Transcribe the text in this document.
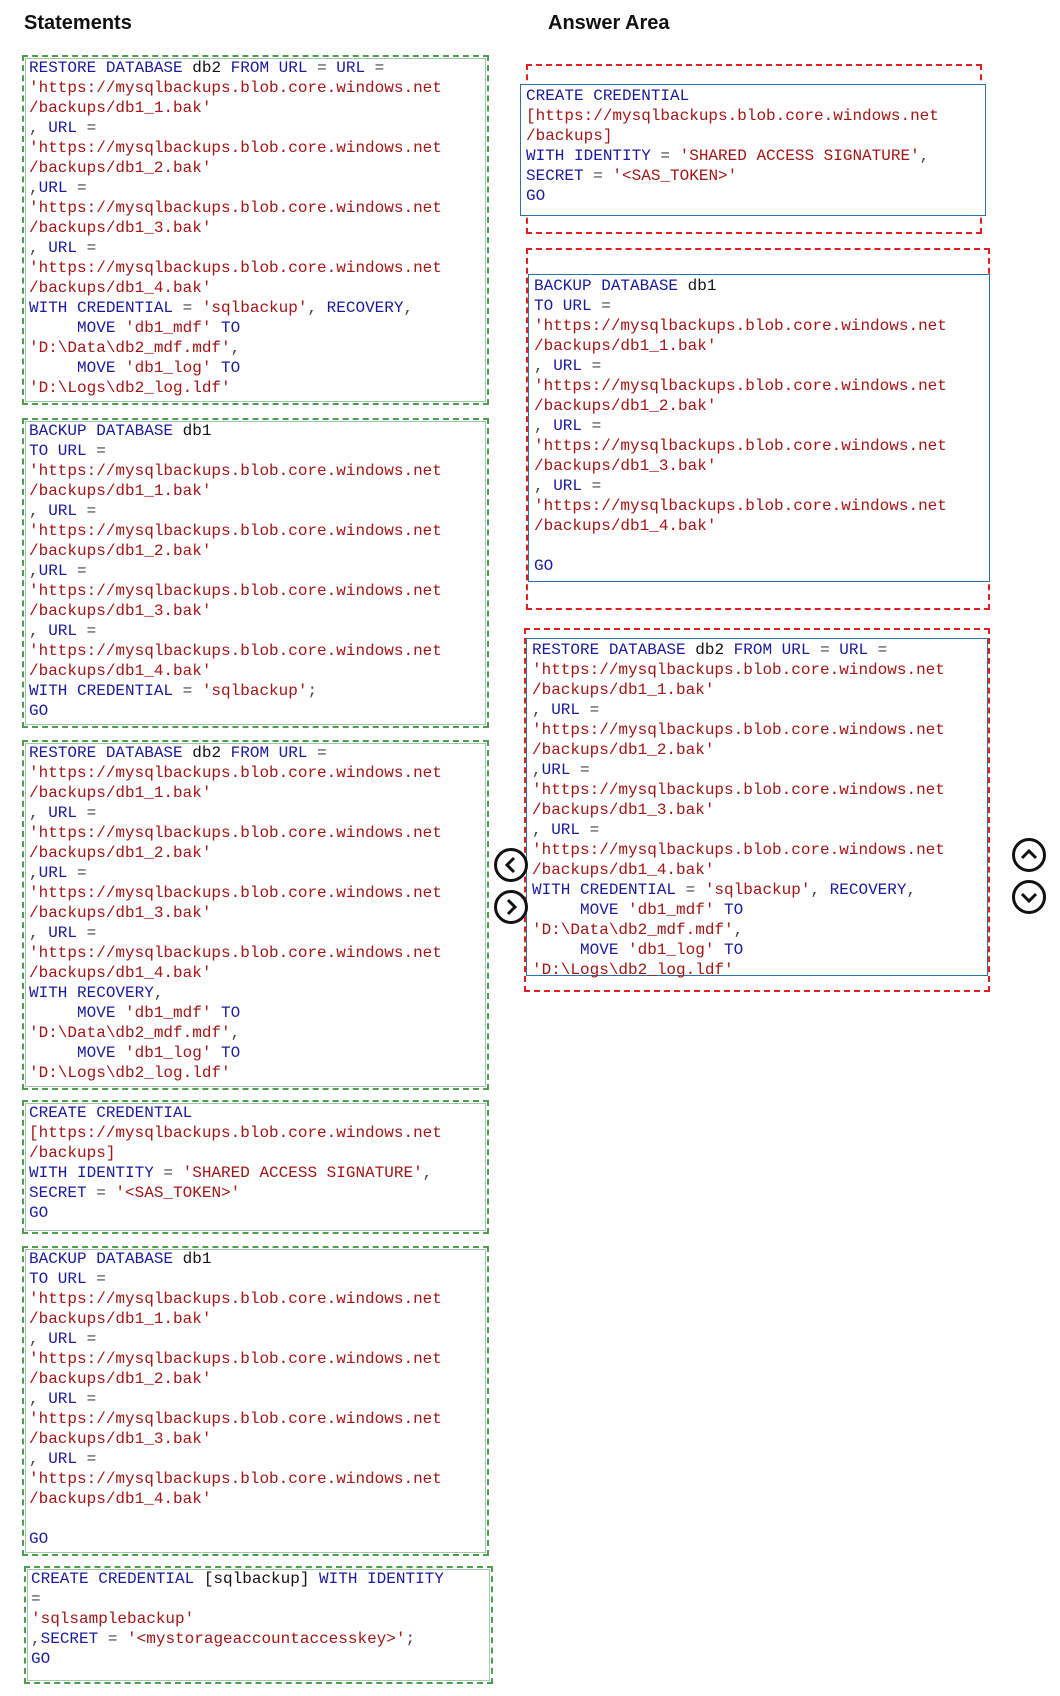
Statements	Answer Area
RESTORE DATABASE db2 FROM URL = URL =
'https://mysqlbackups.blob.core.windows.net
/backups/db1_1.bak'
, URL =
'https://mysqlbackups.blob.core.windows.net
/backups/db1_2.bak'
,URL =
'https://mysqlbackups.blob.core.windows.net
/backups/db1_3.bak'
, URL =
'https://mysqlbackups.blob.core.windows.net
/backups/db1_4.bak'
WITH CREDENTIAL = 'sqlbackup', RECOVERY,
MOVE 'db1_mdf' TO
'D:\Data\db2_mdf.mdf',
MOVE 'db1_log' TO
'D:\Logs\db2_log.ldf'
BACKUP DATABASE db1
TO URL =
'https://mysqlbackups.blob.core.windows.net
/backups/db1_1.bak'
, URL =
'https://mysqlbackups.blob.core.windows.net
/backups/db1_2.bak'
,URL =
'https://mysqlbackups.blob.core.windows.net
/backups/db1_3.bak'
, URL =
'https://mysqlbackups.blob.core.windows.net
/backups/db1_4.bak'
WITH CREDENTIAL = 'sqlbackup';
GO
RESTORE DATABASE db2 FROM URL =
'https://mysqlbackups.blob.core.windows.net
/backups/db1_1.bak'
, URL =
'https://mysqlbackups.blob.core.windows.net
/backups/db1_2.bak'
,URL =
'https://mysqlbackups.blob.core.windows.net
/backups/db1_3.bak'
, URL =
'https://mysqlbackups.blob.core.windows.net
/backups/db1_4.bak'
WITH RECOVERY,
MOVE 'db1_mdf' TO
'D:\Data\db2_mdf.mdf',
MOVE 'db1_log' TO
'D:\Logs\db2_log.ldf'
CREATE CREDENTIAL
[https://mysqlbackups.blob.core.windows.net
/backups]
WITH IDENTITY = 'SHARED ACCESS SIGNATURE',
SECRET = '<SAS_TOKEN>'
GO
BACKUP DATABASE db1
TO URL =
'https://mysqlbackups.blob.core.windows.net
/backups/db1_1.bak'
, URL =
'https://mysqlbackups.blob.core.windows.net
/backups/db1_2.bak'
, URL =
'https://mysqlbackups.blob.core.windows.net
/backups/db1_3.bak'
, URL =
'https://mysqlbackups.blob.core.windows.net
/backups/db1_4.bak'
GO
CREATE CREDENTIAL [sqlbackup] WITH IDENTITY
=
'sqlsamplebackup'
,SECRET = '<mystorageaccountaccesskey>';
GO
CREATE CREDENTIAL
[https://mysqlbackups.blob.core.windows.net
/backups]
WITH IDENTITY = 'SHARED ACCESS SIGNATURE',
SECRET = '<SAS_TOKEN>'
GO
BACKUP DATABASE db1
TO URL =
'https://mysqlbackups.blob.core.windows.net
/backups/db1_1.bak'
, URL =
'https://mysqlbackups.blob.core.windows.net
/backups/db1_2.bak'
, URL =
'https://mysqlbackups.blob.core.windows.net
/backups/db1_3.bak'
, URL =
'https://mysqlbackups.blob.core.windows.net
/backups/db1_4.bak'
GO
RESTORE DATABASE db2 FROM URL = URL =
'https://mysqlbackups.blob.core.windows.net
/backups/db1_1.bak'
, URL =
'https://mysqlbackups.blob.core.windows.net
/backups/db1_2.bak'
,URL =
'https://mysqlbackups.blob.core.windows.net
/backups/db1_3.bak'
, URL =
'https://mysqlbackups.blob.core.windows.net
/backups/db1_4.bak'
WITH CREDENTIAL = 'sqlbackup', RECOVERY,
MOVE 'db1_mdf' TO
'D:\Data\db2_mdf.mdf',
MOVE 'db1_log' TO
'D:\Logs\db2_log.ldf'
